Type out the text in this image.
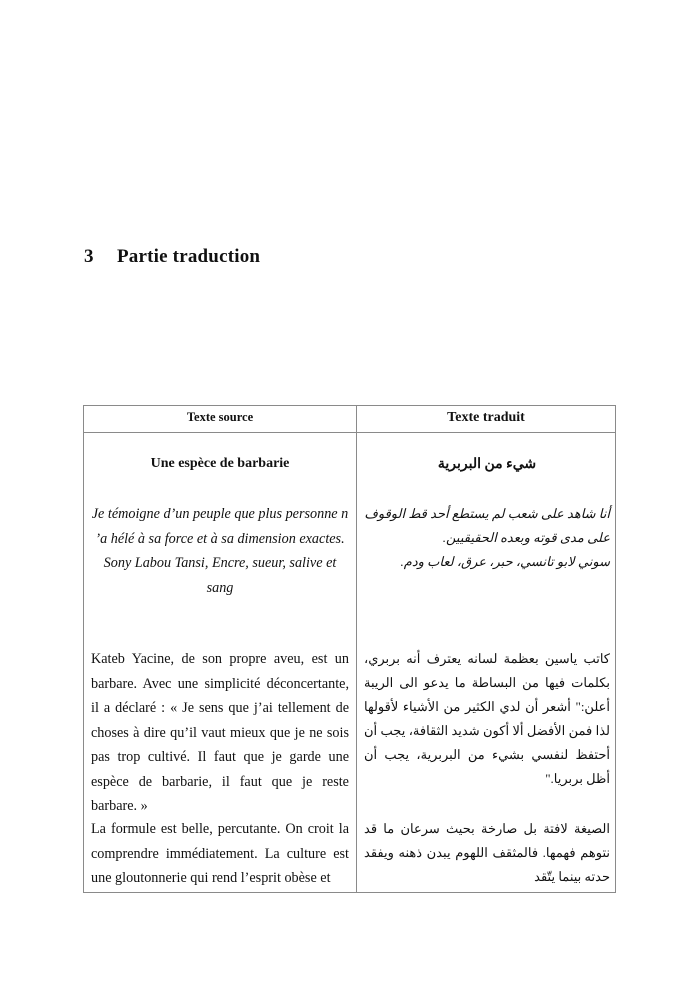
3 Partie traduction
Texte source	Texte traduit
Une espèce de barbarie	شيء من البربرية
Je témoigne d’un peuple que plus personne n ’a hélé à sa force et à sa dimension exactes. Sony Labou Tansi, Encre, sueur, salive et sang
أنا شاهد على شعب لم يستطع أحد قط الوقوف على مدى قوته وبعده الحقيقيين.
سوني لابو تانسي، حبر، عرق، لعاب ودم.
Kateb Yacine, de son propre aveu, est un barbare. Avec une simplicité déconcertante, il a déclaré : « Je sens que j’ai tellement de choses à dire qu’il vaut mieux que je ne sois pas trop cultivé. Il faut que je garde une espèce de barbarie, il faut que je reste barbare. »
كاتب ياسين بعظمة لسانه يعترف أنه بربري، بكلمات فيها من البساطة ما يدعو الى الريبة أعلن:" أشعر أن لدي الكثير من الأشياء لأقولها لذا فمن الأفضل ألا أكون شديد الثقافة، يجب أن أحتفظ لنفسي بشيء من البربرية، يجب أن أظل بربريا."
La formule est belle, percutante. On croit la comprendre immédiatement. La culture est une gloutonnerie qui rend l’esprit obèse et
الصيغة لافتة بل صارخة بحيث سرعان ما قد نتوهم فهمها. فالمثقف اللهوم يبدن ذهنه ويفقد حدته بينما يتّقد
